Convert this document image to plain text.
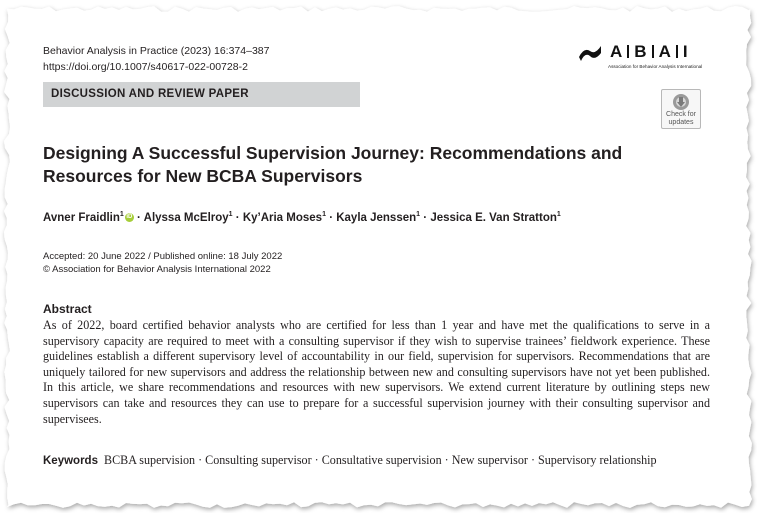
Behavior Analysis in Practice (2023) 16:374–387
https://doi.org/10.1007/s40617-022-00728-2
A B A I
Association for Behavior Analysis International
DISCUSSION AND REVIEW PAPER
Check for updates
Designing A Successful Supervision Journey: Recommendations and Resources for New BCBA Supervisors
Avner Fraidlin$^1$ iD · Alyssa McElroy$^1$ · Ky’Aria Moses$^1$ · Kayla Jenssen$^1$ · Jessica E. Van Stratton$^1$
Accepted: 20 June 2022 / Published online: 18 July 2022
© Association for Behavior Analysis International 2022
Abstract
As of 2022, board certified behavior analysts who are certified for less than 1 year and have met the qualifications to serve in a supervisory capacity are required to meet with a consulting supervisor if they wish to supervise trainees’ fieldwork experience. These guidelines establish a different supervisory level of accountability in our field, supervision for supervisors. Recommendations that are uniquely tailored for new supervisors and address the relationship between new and consulting supervisors have not yet been published. In this article, we share recommendations and resources with new supervisors. We extend current literature by outlining steps new supervisors can take and resources they can use to prepare for a successful supervision journey with their consulting supervisor and supervisees.
Keywords BCBA supervision · Consulting supervisor · Consultative supervision · New supervisor · Supervisory relationship
